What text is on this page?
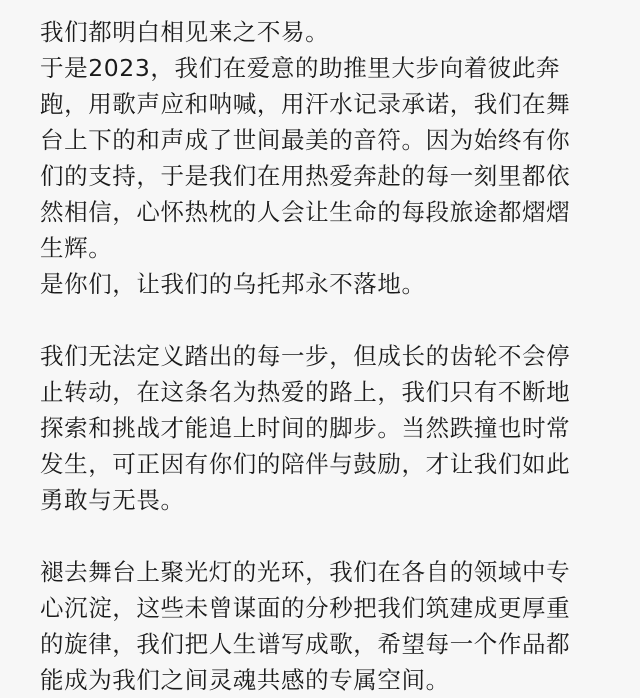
我们都明白相见来之不易。
于是2023，我们在爱意的助推里大步向着彼此奔
跑，用歌声应和呐喊，用汗水记录承诺，我们在舞
台上下的和声成了世间最美的音符。因为始终有你
们的支持，于是我们在用热爱奔赴的每一刻里都依
然相信，心怀热枕的人会让生命的每段旅途都熠熠
生辉。
是你们，让我们的乌托邦永不落地。
我们无法定义踏出的每一步，但成长的齿轮不会停
止转动，在这条名为热爱的路上，我们只有不断地
探索和挑战才能追上时间的脚步。当然跌撞也时常
发生，可正因有你们的陪伴与鼓励，才让我们如此
勇敢与无畏。
褪去舞台上聚光灯的光环，我们在各自的领域中专
心沉淀，这些未曾谋面的分秒把我们筑建成更厚重
的旋律，我们把人生谱写成歌，希望每一个作品都
能成为我们之间灵魂共感的专属空间。
